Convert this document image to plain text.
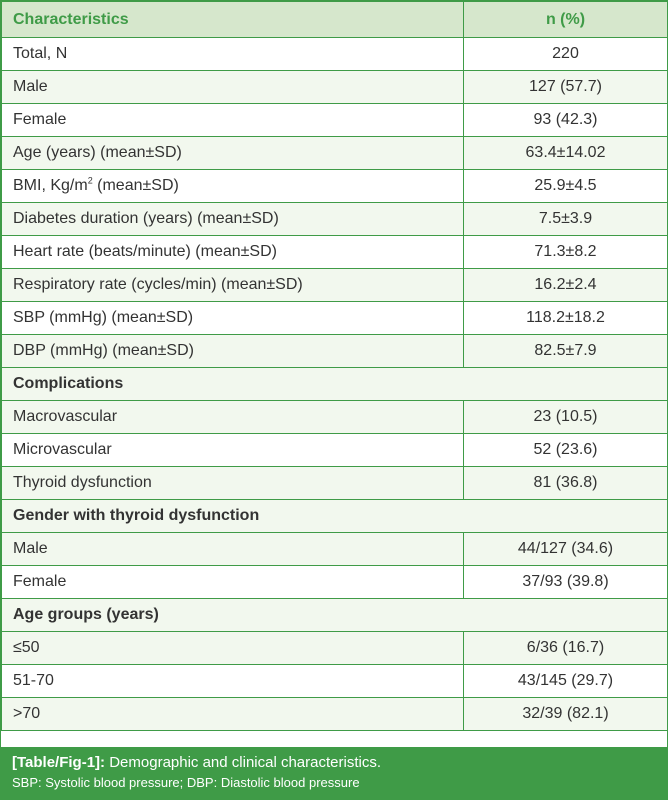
Characteristics	n (%)
Total, N	220
Male	127 (57.7)
Female	93 (42.3)
Age (years) (mean±SD)	63.4±14.02
BMI, $Kg/m^2$ (mean±SD)	25.9±4.5
Diabetes duration (years) (mean±SD)	7.5±3.9
Heart rate (beats/minute) (mean±SD)	71.3±8.2
Respiratory rate (cycles/min) (mean±SD)	16.2±2.4
SBP (mmHg) (mean±SD)	118.2±18.2
DBP (mmHg) (mean±SD)	82.5±7.9
Complications	
Macrovascular	23 (10.5)
Microvascular	52 (23.6)
Thyroid dysfunction	81 (36.8)
Gender with thyroid dysfunction	
Male	44/127 (34.6)
Female	37/93 (39.8)
Age groups (years)	
≤50	6/36 (16.7)
51-70	43/145 (29.7)
>70	32/39 (82.1)
[Table/Fig-1]: Demographic and clinical characteristics.
SBP: Systolic blood pressure; DBP: Diastolic blood pressure
